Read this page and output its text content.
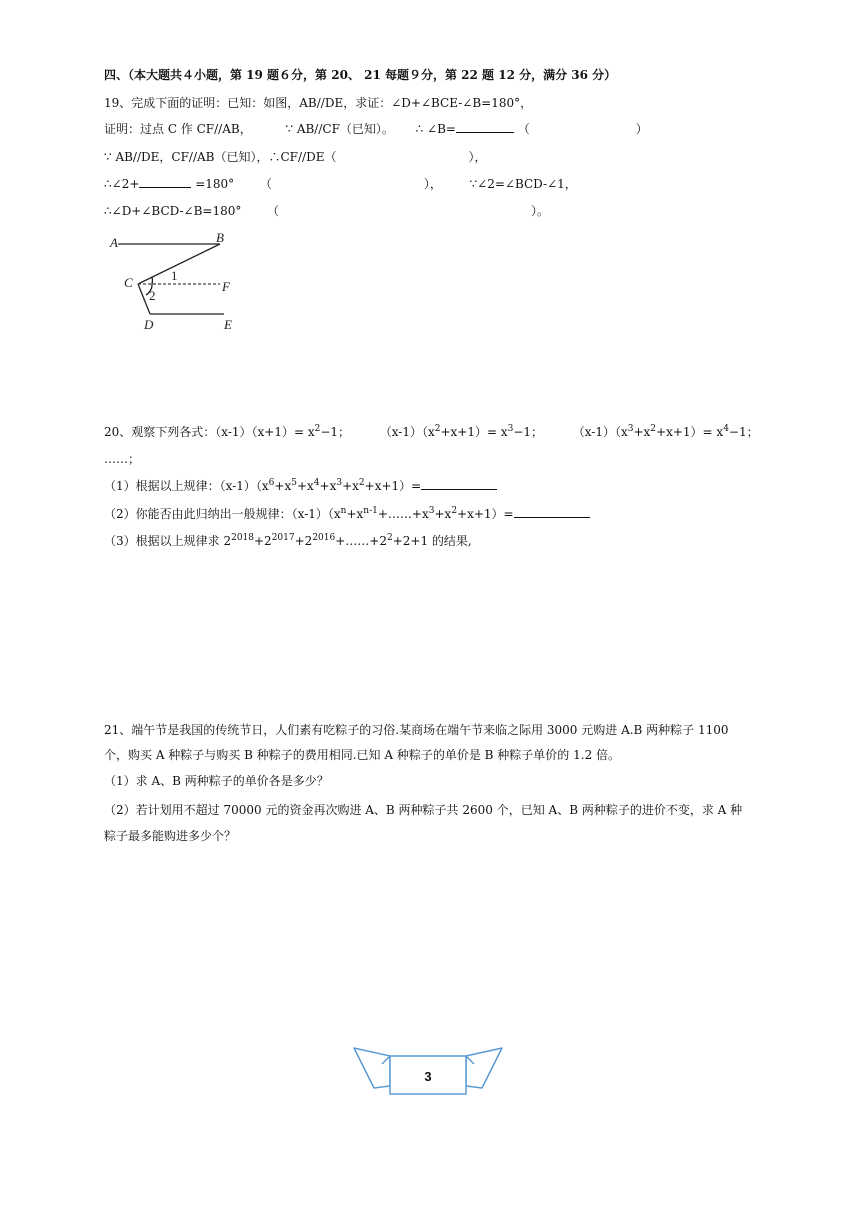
四、（本大题共４小题，第 19 题６分，第 20、 21 每题９分，第 22 题 12 分，满分 36 分）
19、完成下面的证明：已知：如图，AB//DE，求证：∠D+∠BCE-∠B=180°，
证明：过点 C 作 CF//AB，	∵ AB//CF（已知）。 ∴ ∠B=	（	）
∵ AB//DE，CF//AB（已知），∴CF//DE（	），
∴∠2+	=180° （	）， ∵∠2=∠BCD-∠1，
∴∠D+∠BCD-∠B=180° （	）。
A	B
C	F
D	E
1
2
20、观察下列各式：$(x-1)(x+1)= x^2-1$； $(x-1)(x^2+x+1)= x^3-1$； $(x-1)(x^3+x^2+x+1)= x^4-1$；
……；
（1）根据以上规律：$(x-1)(x^6+x^5+x^4+x^3+x^2+x+1)=$
（2）你能否由此归纳出一般规律：$(x-1)(x^n+x^{n-1}+\dots\dots+x^3+x^2+x+1)=$
（3）根据以上规律求 $2^{2018}+2^{2017}+2^{2016}+\dots\dots+2^2+2+1$ 的结果,
21、端午节是我国的传统节日，人们素有吃粽子的习俗.某商场在端午节来临之际用 3000 元购进 A.B 两种粽子 1100
个，购买 A 种粽子与购买 B 种粽子的费用相同.已知 A 种粽子的单价是 B 种粽子单价的 1.2 倍。
（1）求 A、B 两种粽子的单价各是多少？
（2）若计划用不超过 70000 元的资金再次购进 A、B 两种粽子共 2600 个，已知 A、B 两种粽子的进价不变，求 A 种
粽子最多能购进多少个？
3
